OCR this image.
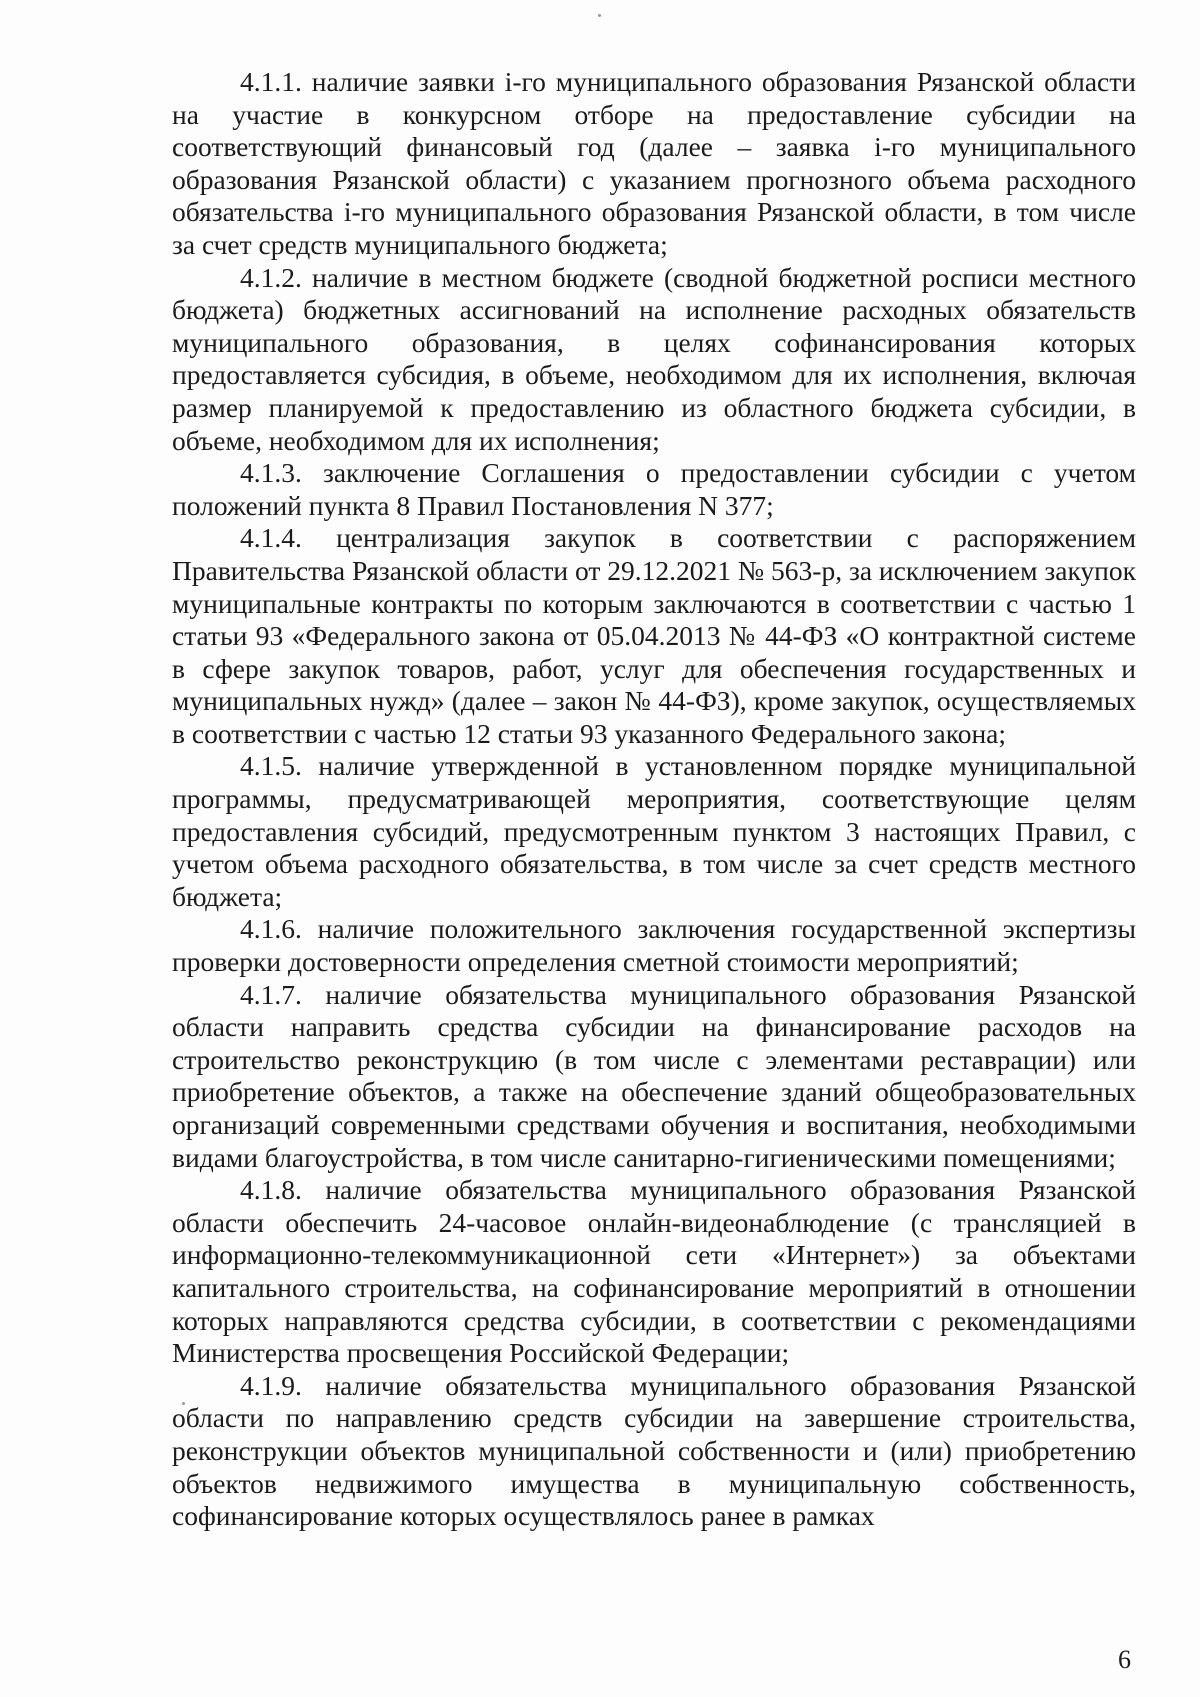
4.1.1. наличие заявки i-го муниципального образования Рязанской области на участие в конкурсном отборе на предоставление субсидии на соответствующий финансовый год (далее – заявка i-го муниципального образования Рязанской области) с указанием прогнозного объема расходного обязательства i-го муниципального образования Рязанской области, в том числе за счет средств муниципального бюджета;

4.1.2. наличие в местном бюджете (сводной бюджетной росписи местного бюджета) бюджетных ассигнований на исполнение расходных обязательств муниципального образования, в целях софинансирования которых предоставляется субсидия, в объеме, необходимом для их исполнения, включая размер планируемой к предоставлению из областного бюджета субсидии, в объеме, необходимом для их исполнения;

4.1.3. заключение Соглашения о предоставлении субсидии с учетом положений пункта 8 Правил Постановления N 377;

4.1.4. централизация закупок в соответствии с распоряжением Правительства Рязанской области от 29.12.2021 № 563-р, за исключением закупок муниципальные контракты по которым заключаются в соответствии с частью 1 статьи 93 «Федерального закона от 05.04.2013 № 44-ФЗ «О контрактной системе в сфере закупок товаров, работ, услуг для обеспечения государственных и муниципальных нужд» (далее – закон № 44-ФЗ), кроме закупок, осуществляемых в соответствии с частью 12 статьи 93 указанного Федерального закона;

4.1.5. наличие утвержденной в установленном порядке муниципальной программы, предусматривающей мероприятия, соответствующие целям предоставления субсидий, предусмотренным пунктом 3 настоящих Правил, с учетом объема расходного обязательства, в том числе за счет средств местного бюджета;

4.1.6. наличие положительного заключения государственной экспертизы проверки достоверности определения сметной стоимости мероприятий;

4.1.7. наличие обязательства муниципального образования Рязанской области направить средства субсидии на финансирование расходов на строительство реконструкцию (в том числе с элементами реставрации) или приобретение объектов, а также на обеспечение зданий общеобразовательных организаций современными средствами обучения и воспитания, необходимыми видами благоустройства, в том числе санитарно-гигиеническими помещениями;

4.1.8. наличие обязательства муниципального образования Рязанской области обеспечить 24-часовое онлайн-видеонаблюдение (с трансляцией в информационно-телекоммуникационной сети «Интернет») за объектами капитального строительства, на софинансирование мероприятий в отношении которых направляются средства субсидии, в соответствии с рекомендациями Министерства просвещения Российской Федерации;

4.1.9. наличие обязательства муниципального образования Рязанской области по направлению средств субсидии на завершение строительства, реконструкции объектов муниципальной собственности и (или) приобретению объектов недвижимого имущества в муниципальную собственность, софинансирование которых осуществлялось ранее в рамках

6
